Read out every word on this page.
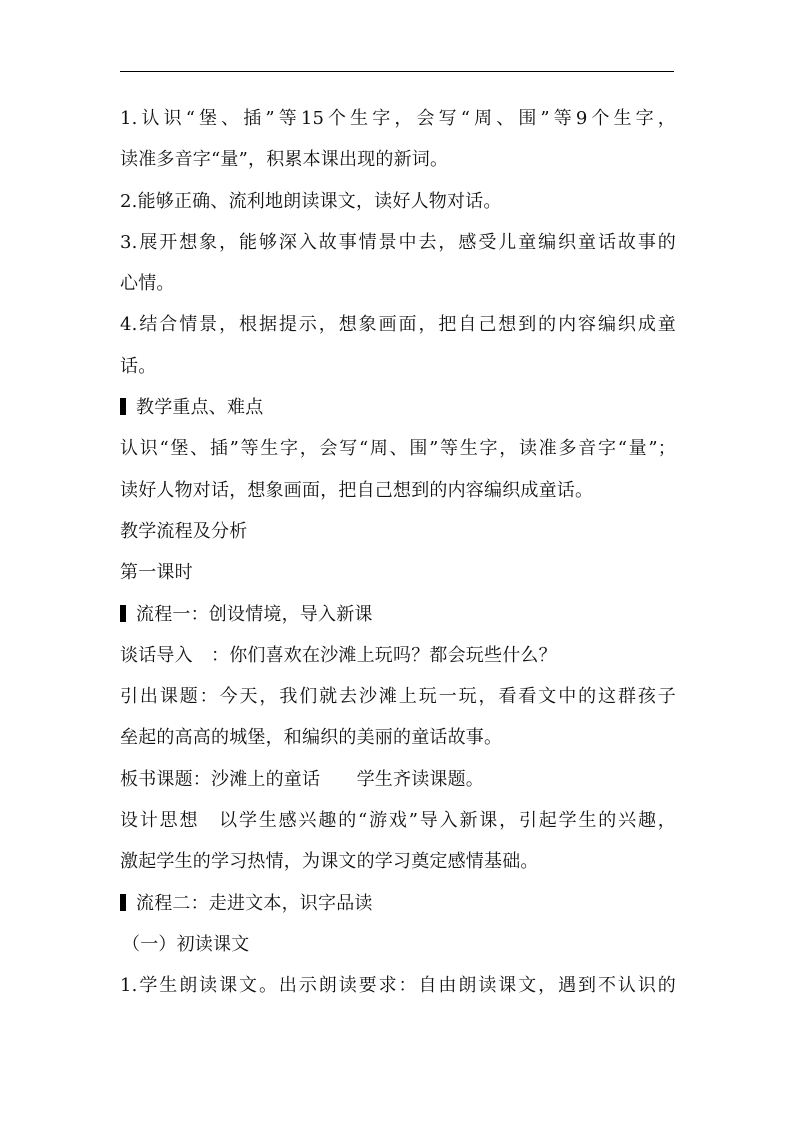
1.认识“堡、插”等15个生字，会写“周、围”等9个生字，
读准多音字“量”，积累本课出现的新词。
2.能够正确、流利地朗读课文，读好人物对话。
3.展开想象，能够深入故事情景中去，感受儿童编织童话故事的
心情。
4.结合情景，根据提示，想象画面，把自己想到的内容编织成童
话。
教学重点、难点
认识“堡、插”等生字，会写“周、围”等生字，读准多音字“量”；
读好人物对话，想象画面，把自己想到的内容编织成童话。
教学流程及分析
第一课时
流程一：创设情境，导入新课
谈话导入　：你们喜欢在沙滩上玩吗？都会玩些什么？
引出课题：今天，我们就去沙滩上玩一玩，看看文中的这群孩子
垒起的高高的城堡，和编织的美丽的童话故事。
板书课题：沙滩上的童话　　学生齐读课题。
设计思想　以学生感兴趣的“游戏”导入新课，引起学生的兴趣，
激起学生的学习热情，为课文的学习奠定感情基础。
流程二：走进文本，识字品读
（一）初读课文
1.学生朗读课文。出示朗读要求：自由朗读课文，遇到不认识的
